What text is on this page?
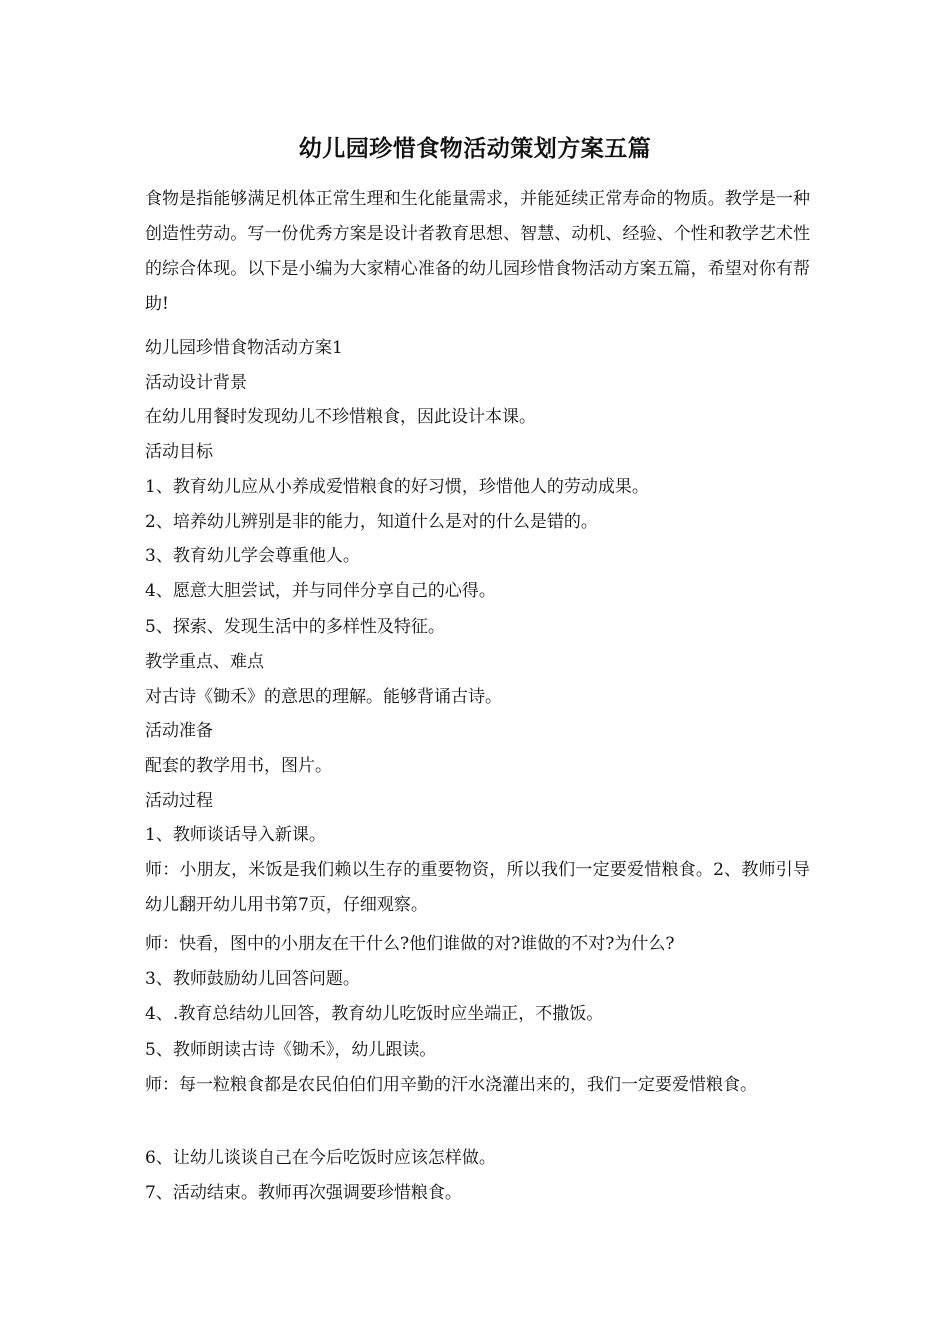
幼儿园珍惜食物活动策划方案五篇
食物是指能够满足机体正常生理和生化能量需求，并能延续正常寿命的物质。教学是一种创造性劳动。写一份优秀方案是设计者教育思想、智慧、动机、经验、个性和教学艺术性的综合体现。以下是小编为大家精心准备的幼儿园珍惜食物活动方案五篇，希望对你有帮助!
幼儿园珍惜食物活动方案1
活动设计背景
在幼儿用餐时发现幼儿不珍惜粮食，因此设计本课。
活动目标
1、教育幼儿应从小养成爱惜粮食的好习惯，珍惜他人的劳动成果。
2、培养幼儿辨别是非的能力，知道什么是对的什么是错的。
3、教育幼儿学会尊重他人。
4、愿意大胆尝试，并与同伴分享自己的心得。
5、探索、发现生活中的多样性及特征。
教学重点、难点
对古诗《锄禾》的意思的理解。能够背诵古诗。
活动准备
配套的教学用书，图片。
活动过程
1、教师谈话导入新课。
师：小朋友，米饭是我们赖以生存的重要物资，所以我们一定要爱惜粮食。2、教师引导幼儿翻开幼儿用书第7页，仔细观察。
师：快看，图中的小朋友在干什么?他们谁做的对?谁做的不对?为什么?
3、教师鼓励幼儿回答问题。
4、.教育总结幼儿回答，教育幼儿吃饭时应坐端正，不撒饭。
5、教师朗读古诗《锄禾》，幼儿跟读。
师：每一粒粮食都是农民伯伯们用辛勤的汗水浇灌出来的，我们一定要爱惜粮食。
6、让幼儿谈谈自己在今后吃饭时应该怎样做。
7、活动结束。教师再次强调要珍惜粮食。
